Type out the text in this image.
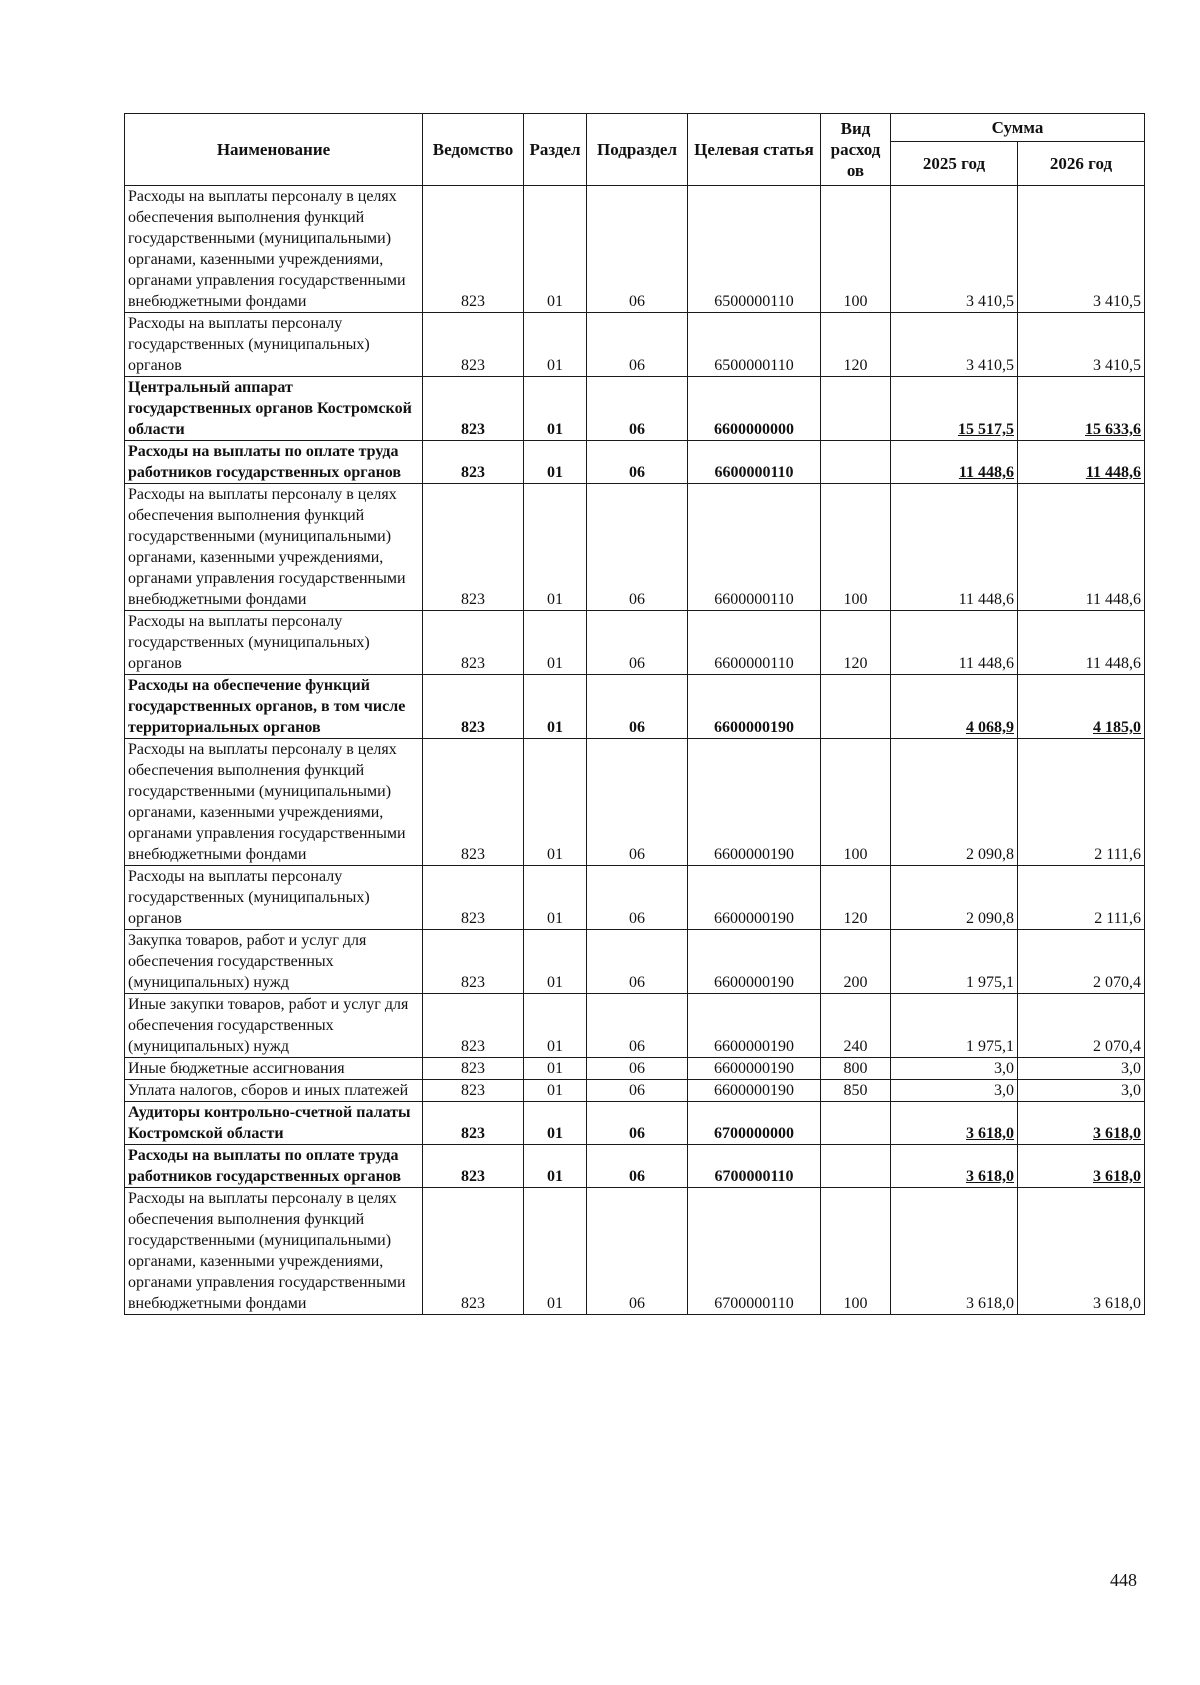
Наименование	Ведомство	Раздел	Подраздел	Целевая статья	Вид расход ов	Сумма	
						2025 год	2026 год
Расходы на выплаты персоналу в целях обеспечения выполнения функций государственными (муниципальными) органами, казенными учреждениями, органами управления государственными внебюджетными фондами	823	01	06	6500000110	100	3 410,5	3 410,5
Расходы на выплаты персоналу государственных (муниципальных) органов	823	01	06	6500000110	120	3 410,5	3 410,5
Центральный аппарат государственных органов Костромской области	823	01	06	6600000000		15 517,5	15 633,6
Расходы на выплаты по оплате труда работников государственных органов	823	01	06	6600000110		11 448,6	11 448,6
Расходы на выплаты персоналу в целях обеспечения выполнения функций государственными (муниципальными) органами, казенными учреждениями, органами управления государственными внебюджетными фондами	823	01	06	6600000110	100	11 448,6	11 448,6
Расходы на выплаты персоналу государственных (муниципальных) органов	823	01	06	6600000110	120	11 448,6	11 448,6
Расходы на обеспечение функций государственных органов, в том числе территориальных органов	823	01	06	6600000190		4 068,9	4 185,0
Расходы на выплаты персоналу в целях обеспечения выполнения функций государственными (муниципальными) органами, казенными учреждениями, органами управления государственными внебюджетными фондами	823	01	06	6600000190	100	2 090,8	2 111,6
Расходы на выплаты персоналу государственных (муниципальных) органов	823	01	06	6600000190	120	2 090,8	2 111,6
Закупка товаров, работ и услуг для обеспечения государственных (муниципальных) нужд	823	01	06	6600000190	200	1 975,1	2 070,4
Иные закупки товаров, работ и услуг для обеспечения государственных (муниципальных) нужд	823	01	06	6600000190	240	1 975,1	2 070,4
Иные бюджетные ассигнования	823	01	06	6600000190	800	3,0	3,0
Уплата налогов, сборов и иных платежей	823	01	06	6600000190	850	3,0	3,0
Аудиторы контрольно-счетной палаты Костромской области	823	01	06	6700000000		3 618,0	3 618,0
Расходы на выплаты по оплате труда работников государственных органов	823	01	06	6700000110		3 618,0	3 618,0
Расходы на выплаты персоналу в целях обеспечения выполнения функций государственными (муниципальными) органами, казенными учреждениями, органами управления государственными внебюджетными фондами	823	01	06	6700000110	100	3 618,0	3 618,0
448
